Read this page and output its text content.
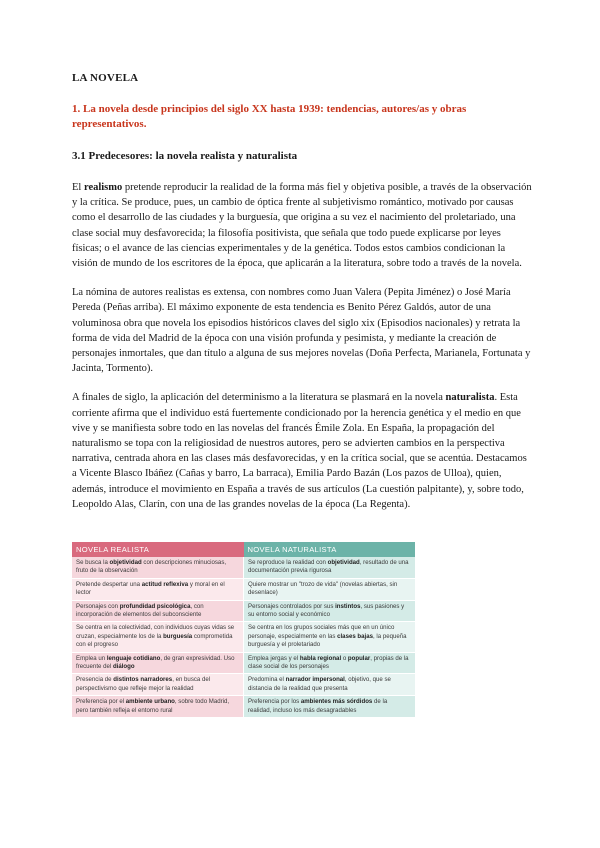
LA NOVELA

1. La novela desde principios del siglo XX hasta 1939: tendencias, autores/as y obras representativos.

3.1 Predecesores: la novela realista y naturalista

El realismo pretende reproducir la realidad de la forma más fiel y objetiva posible, a través de la observación y la crítica. Se produce, pues, un cambio de óptica frente al subjetivismo romántico, motivado por causas como el desarrollo de las ciudades y la burguesía, que origina a su vez el nacimiento del proletariado, una clase social muy desfavorecida; la filosofía positivista, que señala que todo puede explicarse por leyes físicas; o el avance de las ciencias experimentales y de la genética. Todos estos cambios condicionan la visión de mundo de los escritores de la época, que aplicarán a la literatura, sobre todo a través de la novela.

La nómina de autores realistas es extensa, con nombres como Juan Valera (Pepita Jiménez) o José María Pereda (Peñas arriba). El máximo exponente de esta tendencia es Benito Pérez Galdós, autor de una voluminosa obra que novela los episodios históricos claves del siglo xix (Episodios nacionales) y retrata la forma de vida del Madrid de la época con una visión profunda y pesimista, y mediante la creación de personajes inmortales, que dan título a alguna de sus mejores novelas (Doña Perfecta, Marianela, Fortunata y Jacinta, Tormento).

A finales de siglo, la aplicación del determinismo a la literatura se plasmará en la novela naturalista. Esta corriente afirma que el individuo está fuertemente condicionado por la herencia genética y el medio en que vive y se manifiesta sobre todo en las novelas del francés Émile Zola. En España, la propagación del naturalismo se topa con la religiosidad de nuestros autores, pero se advierten cambios en la perspectiva narrativa, centrada ahora en las clases más desfavorecidas, y en la crítica social, que se acentúa. Destacamos a Vicente Blasco Ibáñez (Cañas y barro, La barraca), Emilia Pardo Bazán (Los pazos de Ulloa), quien, además, introduce el movimiento en España a través de sus artículos (La cuestión palpitante), y, sobre todo, Leopoldo Alas, Clarín, con una de las grandes novelas de la época (La Regenta).

NOVELA REALISTA	NOVELA NATURALISTA
Se busca la objetividad con descripciones minuciosas, fruto de la observación	Se reproduce la realidad con objetividad, resultado de una documentación previa rigurosa
Pretende despertar una actitud reflexiva y moral en el lector	Quiere mostrar un "trozo de vida" (novelas abiertas, sin desenlace)
Personajes con profundidad psicológica, con incorporación de elementos del subconsciente	Personajes controlados por sus instintos, sus pasiones y su entorno social y económico
Se centra en la colectividad, con individuos cuyas vidas se cruzan, especialmente los de la burguesía comprometida con el progreso	Se centra en los grupos sociales más que en un único personaje, especialmente en las clases bajas, la pequeña burguesía y el proletariado
Emplea un lenguaje cotidiano, de gran expresividad. Uso frecuente del diálogo	Emplea jergas y el habla regional o popular, propias de la clase social de los personajes
Presencia de distintos narradores, en busca del perspectivismo que refleje mejor la realidad	Predomina el narrador impersonal, objetivo, que se distancia de la realidad que presenta
Preferencia por el ambiente urbano, sobre todo Madrid, pero también refleja el entorno rural	Preferencia por los ambientes más sórdidos de la realidad, incluso los más desagradables
